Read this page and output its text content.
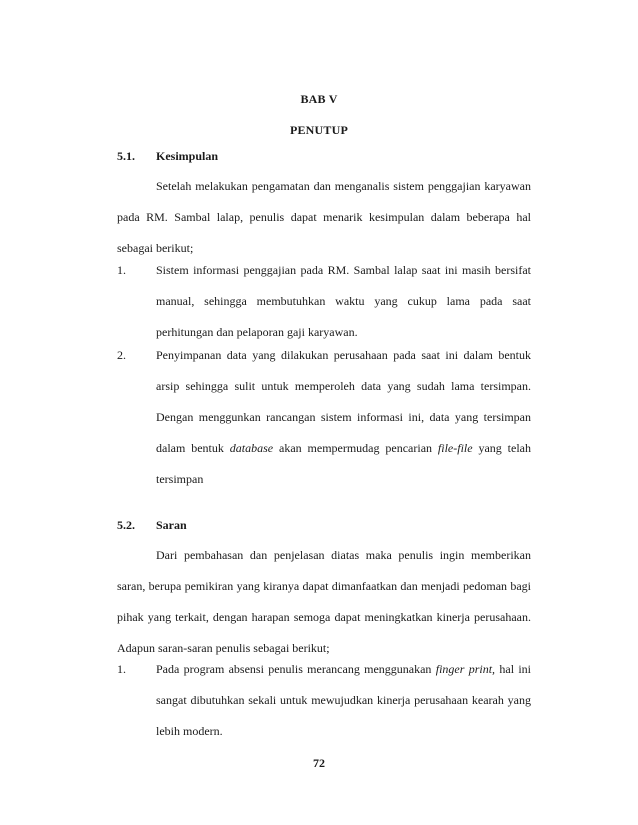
BAB V
PENUTUP
5.1. Kesimpulan

Setelah melakukan pengamatan dan menganalis sistem penggajian karyawan pada RM. Sambal lalap, penulis dapat menarik kesimpulan dalam beberapa hal sebagai berikut;

1.	Sistem informasi penggajian pada RM. Sambal lalap saat ini masih bersifat manual, sehingga membutuhkan waktu yang cukup lama pada saat perhitungan dan pelaporan gaji karyawan.
2.	Penyimpanan data yang dilakukan perusahaan pada saat ini dalam bentuk arsip sehingga sulit untuk memperoleh data yang sudah lama tersimpan. Dengan menggunkan rancangan sistem informasi ini, data yang tersimpan dalam bentuk database akan mempermudag pencarian file-file yang telah tersimpan
5.2. Saran

Dari pembahasan dan penjelasan diatas maka penulis ingin memberikan saran, berupa pemikiran yang kiranya dapat dimanfaatkan dan menjadi pedoman bagi pihak yang terkait, dengan harapan semoga dapat meningkatkan kinerja perusahaan. Adapun saran-saran penulis sebagai berikut;

1.	Pada program absensi penulis merancang menggunakan finger print, hal ini sangat dibutuhkan sekali untuk mewujudkan kinerja perusahaan kearah yang lebih modern.
72
